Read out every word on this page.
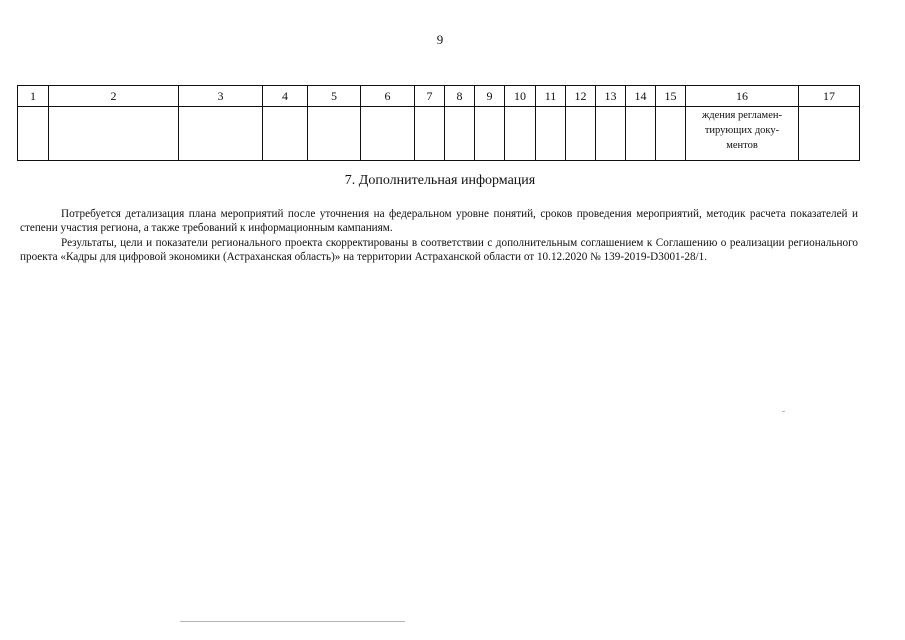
9
1	2	3	4	5	6	7	8	9	10	11	12	13	14	15	16	17
															ждения регламен-
тирующих доку-
ментов	
7. Дополнительная информация

Потребуется детализация плана мероприятий после уточнения на федеральном уровне понятий, сроков проведения мероприятий, методик расчета показателей и степени участия региона, а также требований к информационным кампаниям.

Результаты, цели и показатели регионального проекта скорректированы в соответствии с дополнительным соглашением к Соглашению о реализации регионального проекта «Кадры для цифровой экономики (Астраханская область)» на территории Астраханской области от 10.12.2020 № 139-2019-D3001-28/1.
